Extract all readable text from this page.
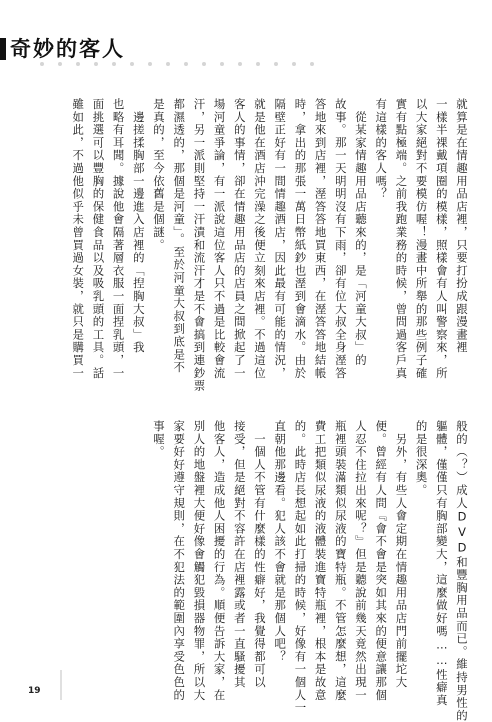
奇妙的客人
就算是在情趣用品店裡，只要打扮成跟漫畫裡
一樣半裸戴項圈的模樣，照樣會有人叫警察來，所
以大家絕對不要模仿喔！漫畫中所舉的那些例子確
實有點極端。之前我跑業務的時候，曾問過客戶真
有這樣的客人嗎？
　從某家情趣用品店聽來的，是「河童大叔」的
故事。那一天明明沒有下雨，卻有位大叔全身溼答
答地來到店裡，溼答答地買東西，在溼答答地結帳
時，拿出的那張一萬日幣紙鈔也溼到會滴水。由於
隔壁正好有一間情趣酒店，因此最有可能的情況，
就是他在酒店沖完澡之後便立刻來店裡。不過這位
客人的事情，卻在情趣用品店的店員之間掀起了一
場河童爭論，有一派說這位客人只不過是比較會流
汗，另一派則堅持一汗漬和流汗才是不會搞到連鈔票
都濕透的，那個是河童」。至於河童大叔到底是不
是真的，至今依舊是個謎。
　邊搓揉胸部一邊進入店裡的「揑胸大叔」我
也略有耳聞。據說他會隔著層衣服一面捏乳頭，一
面挑選可以豐胸的保健食品以及吸乳頭的工具。話
雖如此，不過他似乎未曾買過女裝，就只是購買一
般的（？）成人DVD和豐胸用品而已。維持男性的
軀體，僅僅只有胸部變大，這麼做好嗎……性癖真
的是很深奧。
　另外，有些人會定期在情趣用品店門前擺坨大
便。曾經有人問『會不會是突如其來的便意讓那個
人忍不住拉出來呢？』但是聽說前幾天竟然出現一
瓶裡頭裝滿類似尿液的寶特瓶。不管怎麼想，這麼
費工把類似尿液的液體裝進寶特瓶裡，根本是故意
的。此時店長想起如此打掃的時候，好像有一個人一
直朝他那邊看。犯人該不會就是那個人吧？
　一個人不管有什麼樣的性癖好，我覺得都可以
接受，但是絕對不容許在店裡露或者一直騷擾其
他客人，造成他人困擾的行為。順便告訴大家，在
別人的地盤裡大便好像會觸犯毀損器物罪，所以大
家要好好遵守規則，在不犯法的範圍內享受色色的
事喔。
19
